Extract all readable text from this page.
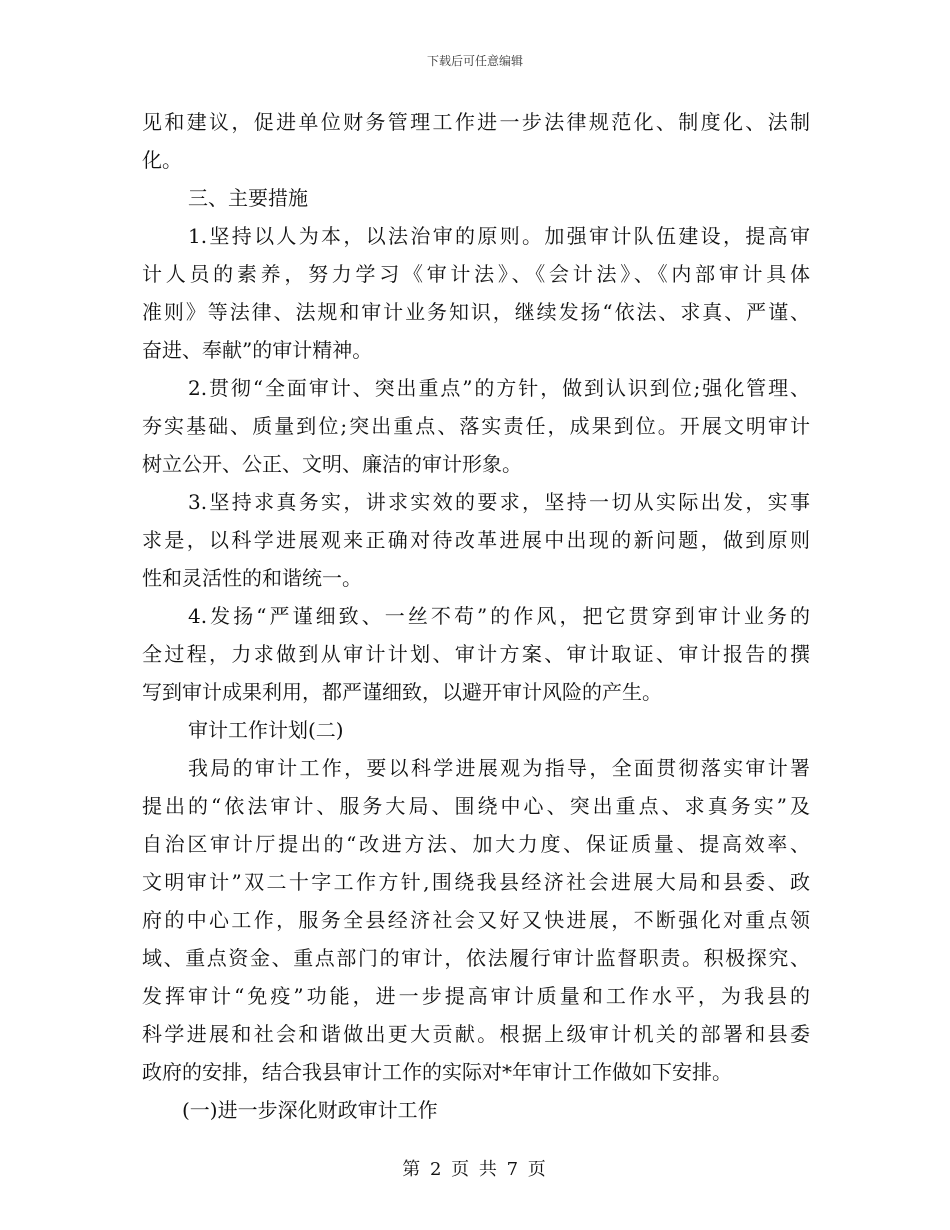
下载后可任意编辑
见和建议，促进单位财务管理工作进一步法律规范化、制度化、法制
化。
三、主要措施
1.坚持以人为本，以法治审的原则。加强审计队伍建设，提高审
计人员的素养，努力学习《审计法》、《会计法》、《内部审计具体
准则》等法律、法规和审计业务知识，继续发扬“依法、求真、严谨、
奋进、奉献”的审计精神。
2.贯彻“全面审计、突出重点”的方针，做到认识到位;强化管理、
夯实基础、质量到位;突出重点、落实责任，成果到位。开展文明审计
树立公开、公正、文明、廉洁的审计形象。
3.坚持求真务实，讲求实效的要求，坚持一切从实际出发，实事
求是，以科学进展观来正确对待改革进展中出现的新问题，做到原则
性和灵活性的和谐统一。
4.发扬“严谨细致、一丝不苟”的作风，把它贯穿到审计业务的
全过程，力求做到从审计计划、审计方案、审计取证、审计报告的撰
写到审计成果利用，都严谨细致，以避开审计风险的产生。
审计工作计划(二)
我局的审计工作，要以科学进展观为指导，全面贯彻落实审计署
提出的“依法审计、服务大局、围绕中心、突出重点、求真务实”及
自治区审计厅提出的“改进方法、加大力度、保证质量、提高效率、
文明审计”双二十字工作方针,围绕我县经济社会进展大局和县委、政
府的中心工作，服务全县经济社会又好又快进展，不断强化对重点领
域、重点资金、重点部门的审计，依法履行审计监督职责。积极探究、
发挥审计“免疫”功能，进一步提高审计质量和工作水平，为我县的
科学进展和社会和谐做出更大贡献。根据上级审计机关的部署和县委
政府的安排，结合我县审计工作的实际对*年审计工作做如下安排。
(一)进一步深化财政审计工作
第 2 页 共 7 页
